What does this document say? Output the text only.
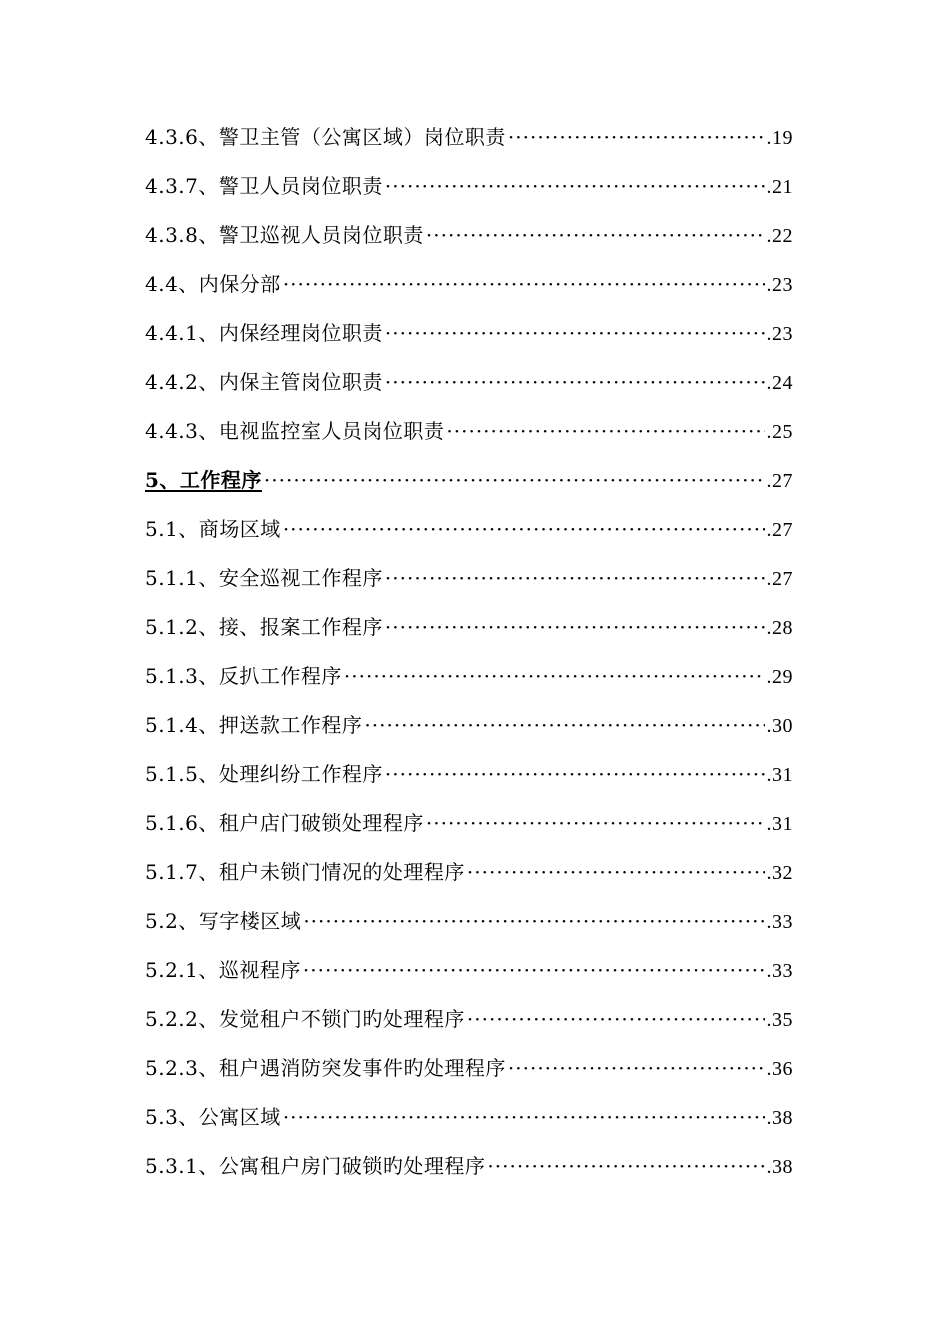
4.3.6、警卫主管（公寓区域）岗位职责 ·····	.19
4.3.7、警卫人员岗位职责 ·····	.21
4.3.8、警卫巡视人员岗位职责 ·····	.22
4.4、内保分部 ·····	.23
4.4.1、内保经理岗位职责 ·····	.23
4.4.2、内保主管岗位职责 ·····	.24
4.4.3、电视监控室人员岗位职责 ·····	.25
5、工作程序 ·····	.27
5.1、商场区域 ·····	.27
5.1.1、安全巡视工作程序 ·····	.27
5.1.2、接、报案工作程序 ·····	.28
5.1.3、反扒工作程序 ·····	.29
5.1.4、押送款工作程序 ·····	.30
5.1.5、处理纠纷工作程序 ·····	.31
5.1.6、租户店门破锁处理程序 ·····	.31
5.1.7、租户未锁门情况的处理程序 ·····	.32
5.2、写字楼区域 ·····	.33
5.2.1、巡视程序 ·····	.33
5.2.2、发觉租户不锁门旳处理程序 ·····	.35
5.2.3、租户遇消防突发事件旳处理程序 ·····	.36
5.3、公寓区域 ·····	.38
5.3.1、公寓租户房门破锁旳处理程序 ·····	.38
